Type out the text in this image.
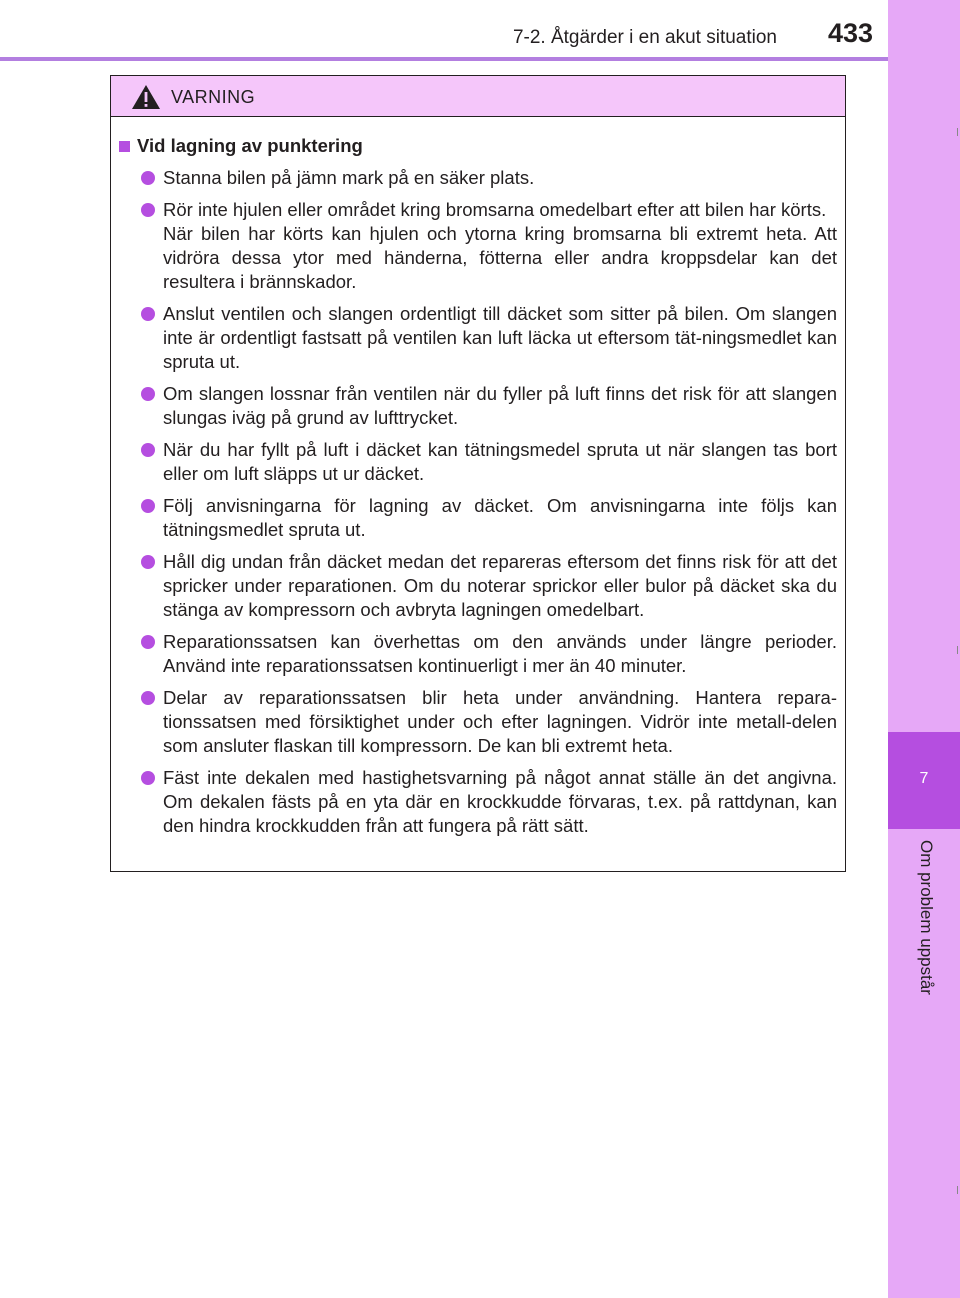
7-2. Åtgärder i en akut situation 433
7
Om problem uppstår
VARNING
Vid lagning av punktering
Stanna bilen på jämn mark på en säker plats.
Rör inte hjulen eller området kring bromsarna omedelbart efter att bilen har körts.
När bilen har körts kan hjulen och ytorna kring bromsarna bli extremt heta. Att vidröra dessa ytor med händerna, fötterna eller andra kroppsdelar kan det resultera i brännskador.
Anslut ventilen och slangen ordentligt till däcket som sitter på bilen. Om slangen inte är ordentligt fastsatt på ventilen kan luft läcka ut eftersom tät-ningsmedlet kan spruta ut.
Om slangen lossnar från ventilen när du fyller på luft finns det risk för att slangen slungas iväg på grund av lufttrycket.
När du har fyllt på luft i däcket kan tätningsmedel spruta ut när slangen tas bort eller om luft släpps ut ur däcket.
Följ anvisningarna för lagning av däcket. Om anvisningarna inte följs kan tätningsmedlet spruta ut.
Håll dig undan från däcket medan det repareras eftersom det finns risk för att det spricker under reparationen. Om du noterar sprickor eller bulor på däcket ska du stänga av kompressorn och avbryta lagningen omedelbart.
Reparationssatsen kan överhettas om den används under längre perioder. Använd inte reparationssatsen kontinuerligt i mer än 40 minuter.
Delar av reparationssatsen blir heta under användning. Hantera repara-tionssatsen med försiktighet under och efter lagningen. Vidrör inte metall-delen som ansluter flaskan till kompressorn. De kan bli extremt heta.
Fäst inte dekalen med hastighetsvarning på något annat ställe än det angivna. Om dekalen fästs på en yta där en krockkudde förvaras, t.ex. på rattdynan, kan den hindra krockkudden från att fungera på rätt sätt.
